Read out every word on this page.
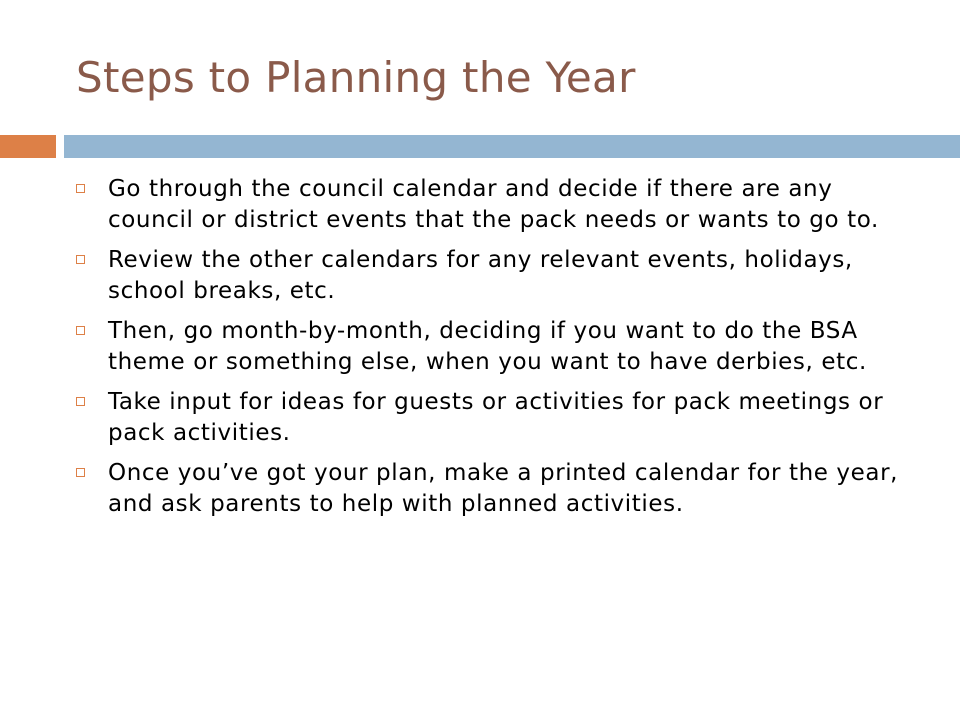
Steps to Planning the Year
Go through the council calendar and decide if there are any council or district events that the pack needs or wants to go to.
Review the other calendars for any relevant events, holidays, school breaks, etc.
Then, go month-by-month, deciding if you want to do the BSA theme or something else, when you want to have derbies, etc.
Take input for ideas for guests or activities for pack meetings or pack activities.
Once you’ve got your plan, make a printed calendar for the year, and ask parents to help with planned activities.
